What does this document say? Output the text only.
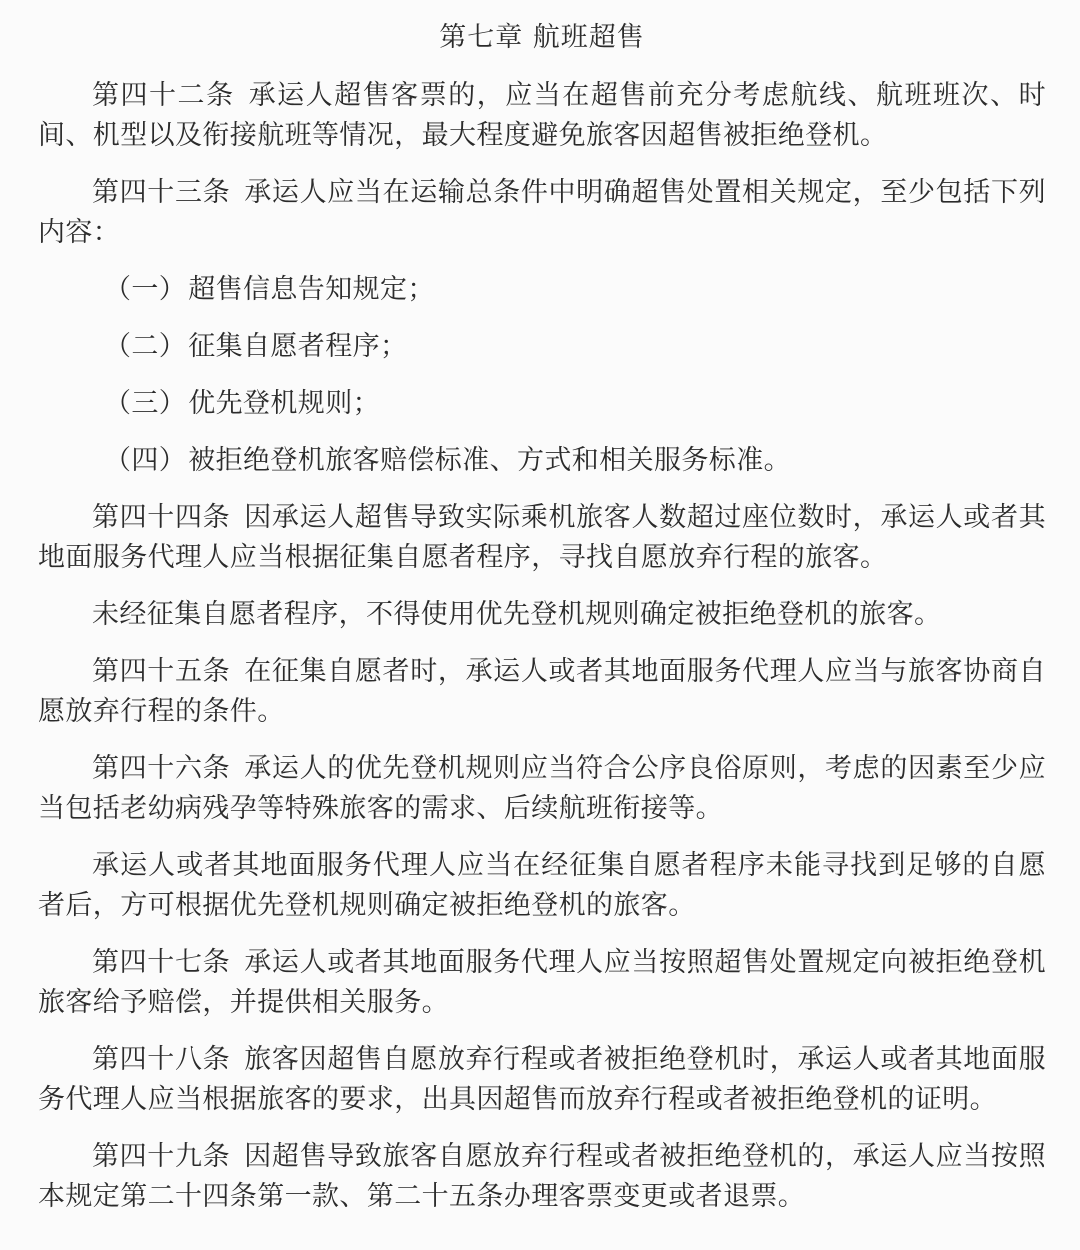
第七章 航班超售

第四十二条 承运人超售客票的，应当在超售前充分考虑航线、航班班次、时间、机型以及衔接航班等情况，最大程度避免旅客因超售被拒绝登机。

第四十三条 承运人应当在运输总条件中明确超售处置相关规定，至少包括下列内容：

（一）超售信息告知规定；
（二）征集自愿者程序；
（三）优先登机规则；
（四）被拒绝登机旅客赔偿标准、方式和相关服务标准。

第四十四条 因承运人超售导致实际乘机旅客人数超过座位数时，承运人或者其地面服务代理人应当根据征集自愿者程序，寻找自愿放弃行程的旅客。

未经征集自愿者程序，不得使用优先登机规则确定被拒绝登机的旅客。

第四十五条 在征集自愿者时，承运人或者其地面服务代理人应当与旅客协商自愿放弃行程的条件。

第四十六条 承运人的优先登机规则应当符合公序良俗原则，考虑的因素至少应当包括老幼病残孕等特殊旅客的需求、后续航班衔接等。

承运人或者其地面服务代理人应当在经征集自愿者程序未能寻找到足够的自愿者后，方可根据优先登机规则确定被拒绝登机的旅客。

第四十七条 承运人或者其地面服务代理人应当按照超售处置规定向被拒绝登机旅客给予赔偿，并提供相关服务。

第四十八条 旅客因超售自愿放弃行程或者被拒绝登机时，承运人或者其地面服务代理人应当根据旅客的要求，出具因超售而放弃行程或者被拒绝登机的证明。

第四十九条 因超售导致旅客自愿放弃行程或者被拒绝登机的，承运人应当按照本规定第二十四条第一款、第二十五条办理客票变更或者退票。
